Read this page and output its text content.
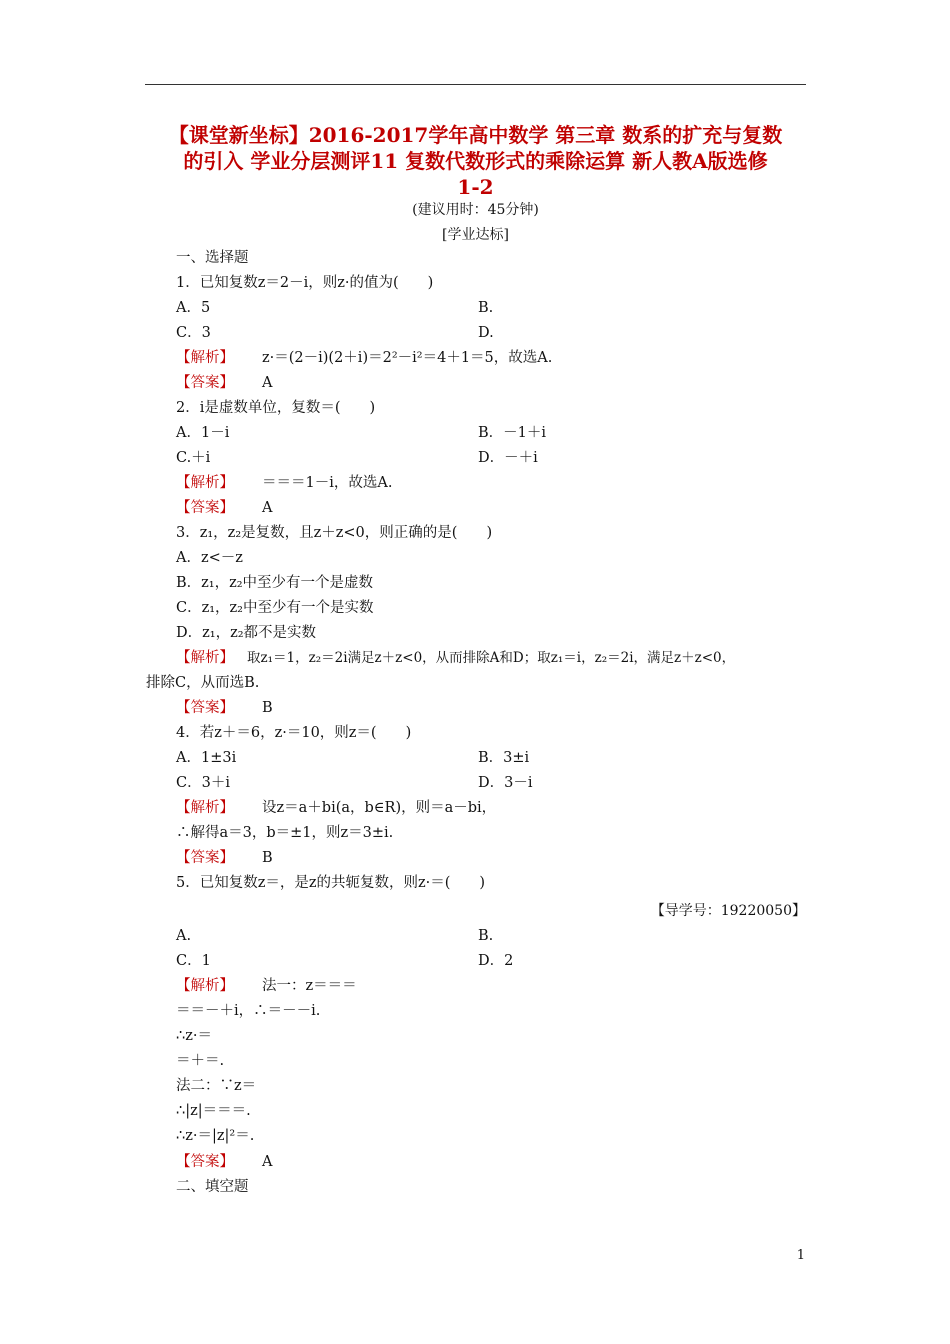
【课堂新坐标】2016-2017学年高中数学 第三章 数系的扩充与复数
的引入 学业分层测评11 复数代数形式的乘除运算 新人教A版选修
1-2
(建议用时：45分钟)
[学业达标]
一、选择题
1．已知复数z＝2－i，则z·的值为(　　)
A．5	B.
C．3	D.
【解析】 z·＝(2－i)(2＋i)＝2²－i²＝4＋1＝5，故选A.
【答案】 A
2．i是虚数单位，复数＝(　　)
A．1－i	B．－1＋i
C.＋i	D．－＋i
【解析】 ＝＝＝1－i，故选A.
【答案】 A
3．z₁，z₂是复数，且z＋z<0，则正确的是(　　)
A．z<－z
B．z₁，z₂中至少有一个是虚数
C．z₁，z₂中至少有一个是实数
D．z₁，z₂都不是实数
【解析】 取z₁＝1，z₂＝2i满足z＋z<0，从而排除A和D；取z₁＝i，z₂＝2i，满足z＋z<0，
排除C，从而选B.
【答案】 B
4．若z＋＝6，z·＝10，则z＝(　　)
A．1±3i	B．3±i
C．3＋i	D．3－i
【解析】 设z＝a＋bi(a，b∈R)，则＝a－bi，
∴解得a＝3，b＝±1，则z＝3±i.
【答案】 B
5．已知复数z＝，是z的共轭复数，则z·＝(　　)
【导学号：19220050】
A.	B.
C．1	D．2
【解析】 法一：z＝＝＝
＝＝－＋i，∴＝－－i.
∴z·＝
＝＋＝.
法二：∵z＝
∴|z|＝＝＝.
∴z·＝|z|²＝.
【答案】 A
二、填空题
1
